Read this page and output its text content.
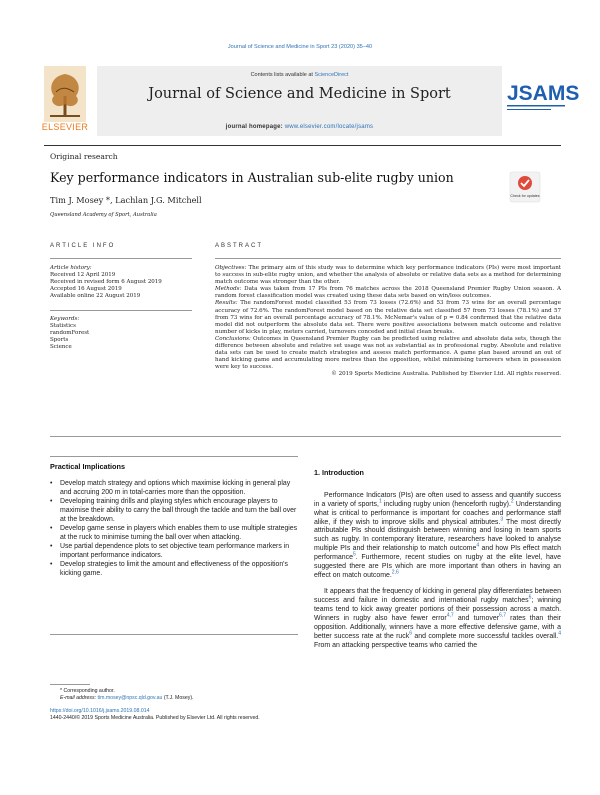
Journal of Science and Medicine in Sport 23 (2020) 35–40
ELSEVIER
Contents lists available at ScienceDirect
Journal of Science and Medicine in Sport
journal homepage: www.elsevier.com/locate/jsams
JSAMS
Original research
Key performance indicators in Australian sub-elite rugby union
Check for updates
Tim J. Mosey *, Lachlan J.G. Mitchell
Queensland Academy of Sport, Australia
ARTICLE INFO	ABSTRACT
Article history:
Received 12 April 2019
Received in revised form 6 August 2019
Accepted 16 August 2019
Available online 22 August 2019
Keywords:
Statistics
randomForest
Sports
Science

Objectives: The primary aim of this study was to determine which key performance indicators (PIs) were most important to success in sub-elite rugby union, and whether the analysis of absolute or relative data sets as a method for determining match outcome was stronger than the other.

Methods: Data was taken from 17 PIs from 76 matches across the 2018 Queensland Premier Rugby Union season. A random forest classification model was created using these data sets based on win/loss outcomes.

Results: The randomForest model classified 53 from 73 losses (72.6%) and 53 from 73 wins for an overall percentage accuracy of 72.6%. The randomForest model based on the relative data set classified 57 from 73 losses (78.1%) and 57 from 73 wins for an overall percentage accuracy of 78.1%. McNemar's value of p = 0.84 confirmed that the relative data model did not outperform the absolute data set. There were positive associations between match outcome and relative number of kicks in play, meters carried, turnovers conceded and initial clean breaks.

Conclusions: Outcomes in Queensland Premier Rugby can be predicted using relative and absolute data sets, though the difference between absolute and relative set usage was not as substantial as in professional rugby. Absolute and relative data sets can be used to create match strategies and assess match performance. A game plan based around an out of hand kicking game and accumulating more metres than the opposition, whilst minimising turnovers when in possession were key to success.

© 2019 Sports Medicine Australia. Published by Elsevier Ltd. All rights reserved.

Practical Implications
• Develop match strategy and options which maximise kicking in general play and accruing 200 m in total-carries more than the opposition.
• Developing training drills and playing styles which encourage players to maximise their ability to carry the ball through the tackle and turn the ball over at the breakdown.
• Develop game sense in players which enables them to use multiple strategies at the ruck to minimise turning the ball over when attacking.
• Use partial dependence plots to set objective team performance markers in important performance indicators.
• Develop strategies to limit the amount and effectiveness of the opposition's kicking game.
1. Introduction

Performance Indicators (PIs) are often used to assess and quantify success in a variety of sports,$^1$ including rugby union (henceforth rugby).$^2$ Understanding what is critical to performance is important for coaches and performance staff alike, if they wish to improve skills and physical attributes.$^3$ The most directly attributable PIs should distinguish between winning and losing in team sports such as rugby. In contemporary literature, researchers have looked to analyse multiple PIs and their relationship to match outcome$^4$ and how PIs effect match performance$^5$. Furthermore, recent studies on rugby at the elite level, have suggested there are PIs which are more important than others in having an effect on match outcome.$^{2,6}$

It appears that the frequency of kicking in general play differentiates between success and failure in domestic and international rugby matches$^6$; winning teams tend to kick away greater portions of their possession across a match. Winners in rugby also have fewer error$^{4,7}$ and turnover$^{6,7}$ rates than their opposition. Additionally, winners have a more effective defensive game, with a better success rate at the ruck$^6$ and complete more successful tackles overall.$^4$ From an attacking perspective teams who carried the

* Corresponding author.
E-mail address: tim.mosey@npsc.qld.gov.au (T.J. Mosey).
https://doi.org/10.1016/j.jsams.2019.08.014
1440-2440/© 2019 Sports Medicine Australia. Published by Elsevier Ltd. All rights reserved.
